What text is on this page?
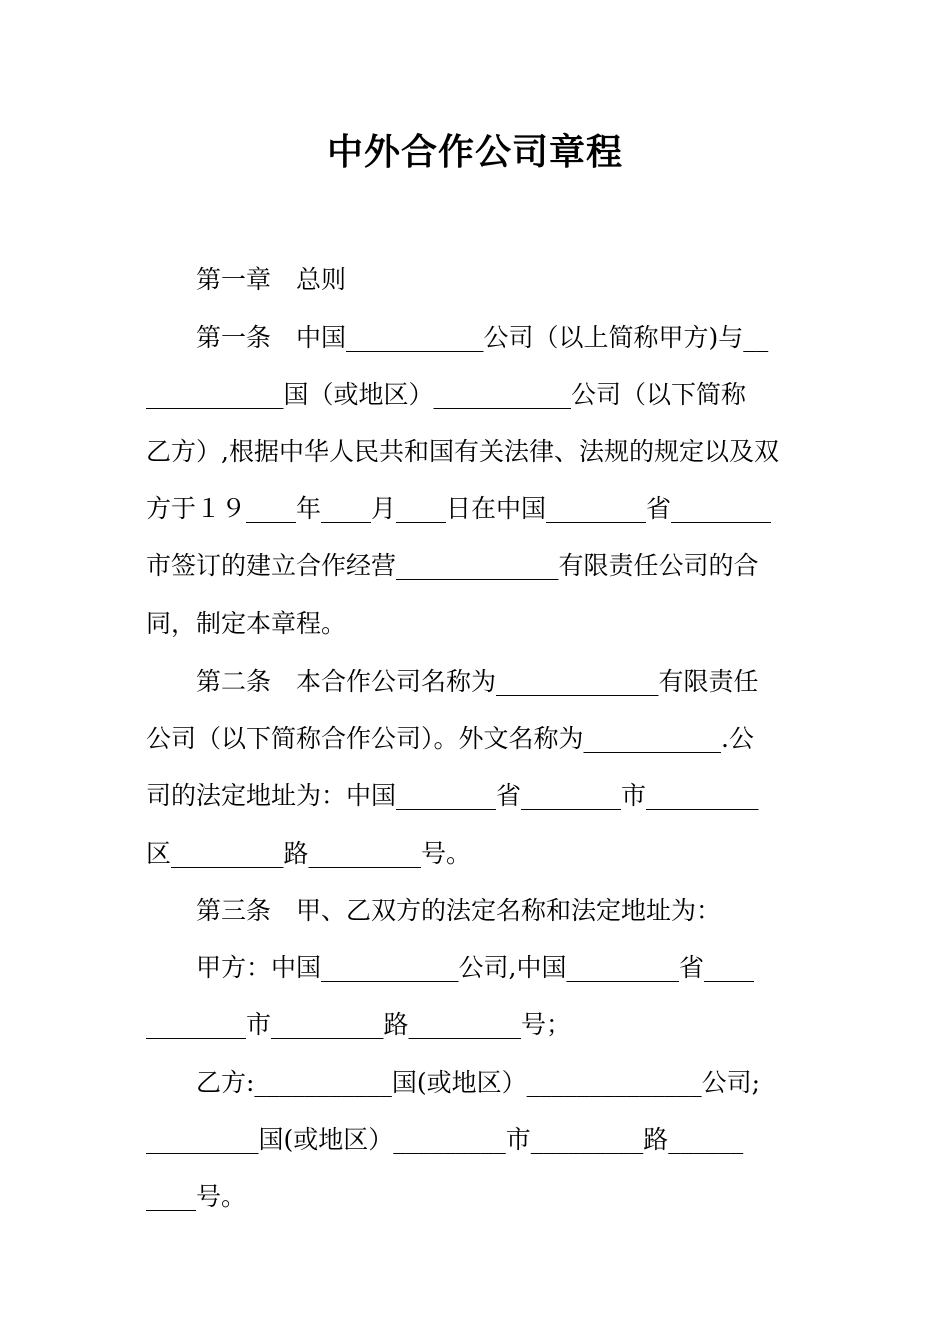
中外合作公司章程
第一章　总则
第一条　中国___________公司（以上简称甲方)与__
___________国（或地区）___________公司（以下简称
乙方）,根据中华人民共和国有关法律、法规的规定以及双
方于１９____年____月____日在中国________省________
市签订的建立合作经营_____________有限责任公司的合
同，制定本章程。
第二条　本合作公司名称为_____________有限责任
公司（以下简称合作公司）。外文名称为___________.公
司的法定地址为：中国________省________市_________
区_________路_________号。
第三条　甲、乙双方的法定名称和法定地址为：
甲方：中国___________公司,中国_________省____
________市_________路_________号；
乙方:___________国(或地区）______________公司;
_________国(或地区）_________市_________路______
____号。
